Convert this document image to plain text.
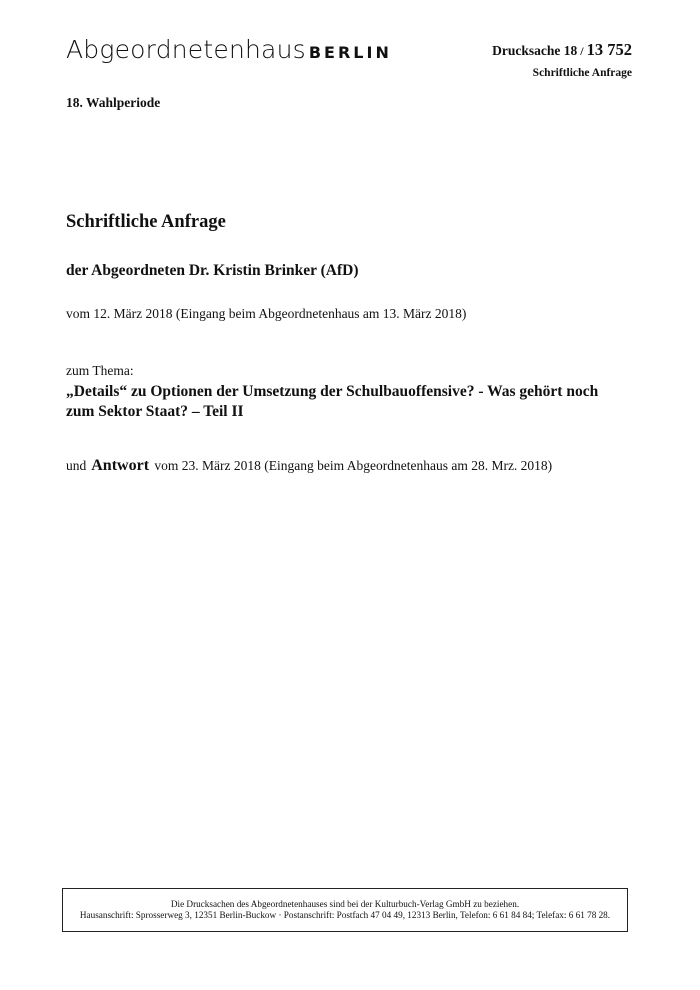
Abgeordnetenhaus BERLIN	Drucksache 18 / 13 752
Schriftliche Anfrage
18. Wahlperiode
Schriftliche Anfrage
der Abgeordneten Dr. Kristin Brinker (AfD)
vom 12. März 2018 (Eingang beim Abgeordnetenhaus am 13. März 2018)
zum Thema:
„Details“ zu Optionen der Umsetzung der Schulbauoffensive? - Was gehört noch
zum Sektor Staat? – Teil II
und Antwort vom 23. März 2018 (Eingang beim Abgeordnetenhaus am 28. Mrz. 2018)
Die Drucksachen des Abgeordnetenhauses sind bei der Kulturbuch-Verlag GmbH zu beziehen.
Hausanschrift: Sprosserweg 3, 12351 Berlin-Buckow · Postanschrift: Postfach 47 04 49, 12313 Berlin, Telefon: 6 61 84 84; Telefax: 6 61 78 28.
